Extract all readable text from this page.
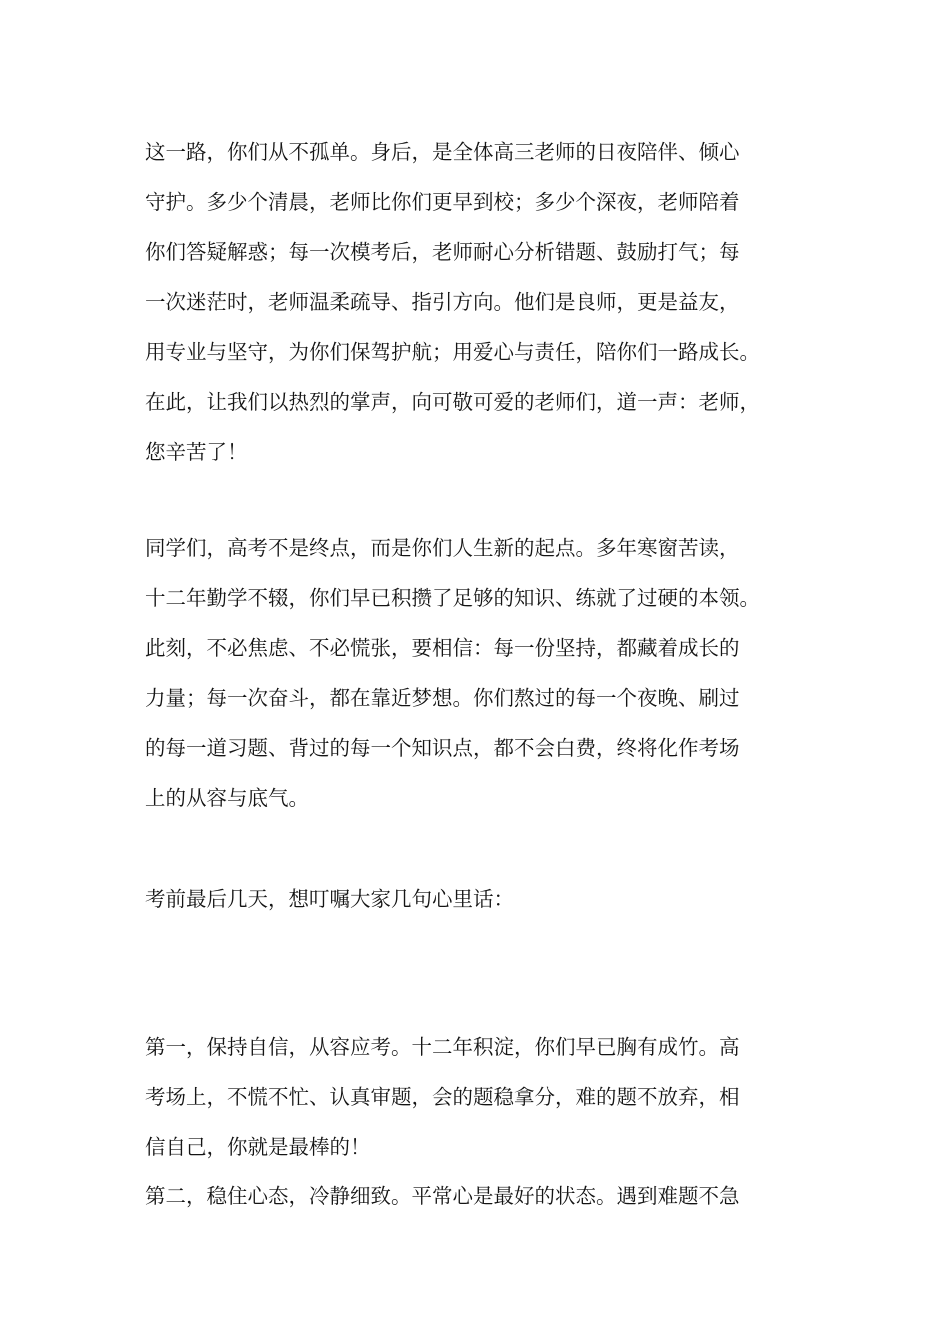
这一路，你们从不孤单。身后，是全体高三老师的日夜陪伴、倾心
守护。多少个清晨，老师比你们更早到校；多少个深夜，老师陪着
你们答疑解惑；每一次模考后，老师耐心分析错题、鼓励打气；每
一次迷茫时，老师温柔疏导、指引方向。他们是良师，更是益友，
用专业与坚守，为你们保驾护航；用爱心与责任，陪你们一路成长。
在此，让我们以热烈的掌声，向可敬可爱的老师们，道一声：老师，
您辛苦了！
同学们，高考不是终点，而是你们人生新的起点。多年寒窗苦读，
十二年勤学不辍，你们早已积攒了足够的知识、练就了过硬的本领。
此刻，不必焦虑、不必慌张，要相信：每一份坚持，都藏着成长的
力量；每一次奋斗，都在靠近梦想。你们熬过的每一个夜晚、刷过
的每一道习题、背过的每一个知识点，都不会白费，终将化作考场
上的从容与底气。
考前最后几天，想叮嘱大家几句心里话：
第一，保持自信，从容应考。十二年积淀，你们早已胸有成竹。高
考场上，不慌不忙、认真审题，会的题稳拿分，难的题不放弃，相
信自己，你就是最棒的！
第二，稳住心态，冷静细致。平常心是最好的状态。遇到难题不急
